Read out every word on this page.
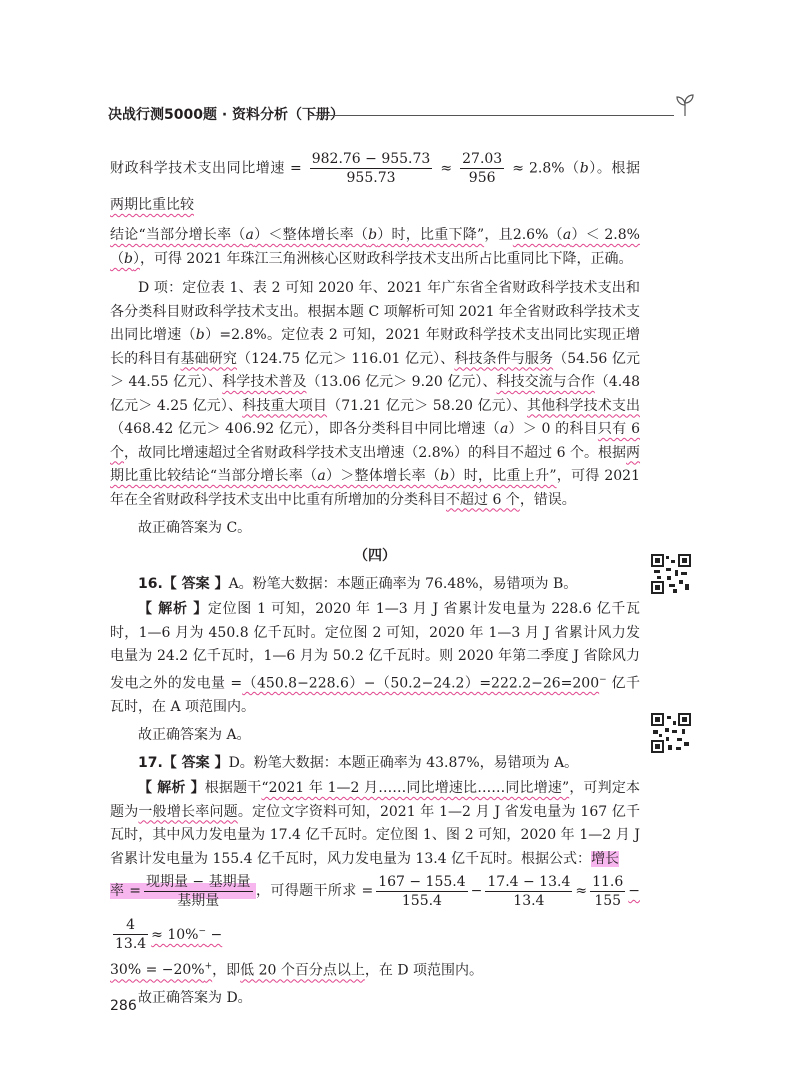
决战行测5000题 · 资料分析（下册）

财政科学技术支出同比增速 = $\frac{982.76 - 955.73}{955.73} \approx \frac{27.03}{956} \approx 2.8\%(b)$。根据两期比重比较

结论“当部分增长率（a）＜整体增长率（b）时，比重下降”，且2.6%（a）＜ 2.8%（b），可得 2021 年珠江三角洲核心区财政科学技术支出所占比重同比下降，正确。

D 项：定位表 1、表 2 可知 2020 年、2021 年广东省全省财政科学技术支出和各分类科目财政科学技术支出。根据本题 C 项解析可知 2021 年全省财政科学技术支出同比增速（b）=2.8%。定位表 2 可知，2021 年财政科学技术支出同比实现正增长的科目有基础研究（124.75 亿元＞ 116.01 亿元）、科技条件与服务（54.56 亿元＞ 44.55 亿元）、科学技术普及（13.06 亿元＞ 9.20 亿元）、科技交流与合作（4.48 亿元＞ 4.25 亿元）、科技重大项目（71.21 亿元＞ 58.20 亿元）、其他科学技术支出（468.42 亿元＞ 406.92 亿元），即各分类科目中同比增速（a）＞ 0 的科目只有 6 个，故同比增速超过全省财政科学技术支出增速（2.8%）的科目不超过 6 个。根据两期比重比较结论“当部分增长率（a）＞整体增长率（b）时，比重上升”，可得 2021 年在全省财政科学技术支出中比重有所增加的分类科目不超过 6 个，错误。

故正确答案为 C。

（四）

16.【 答案 】A。粉笔大数据：本题正确率为 76.48%，易错项为 B。

【 解析 】定位图 1 可知，2020 年 1—3 月 J 省累计发电量为 228.6 亿千瓦时，1—6 月为 450.8 亿千瓦时。定位图 2 可知，2020 年 1—3 月 J 省累计风力发电量为 24.2 亿千瓦时，1—6 月为 50.2 亿千瓦时。则 2020 年第二季度 J 省除风力发电之外的发电量 =（450.8−228.6）−（50.2−24.2）=222.2−26=200− 亿千瓦时，在 A 项范围内。

故正确答案为 A。

17.【 答案 】D。粉笔大数据：本题正确率为 43.87%，易错项为 A。

【 解析 】根据题干“2021 年 1—2 月……同比增速比……同比增速”，可判定本题为一般增长率问题。定位文字资料可知，2021 年 1—2 月 J 省发电量为 167 亿千瓦时，其中风力发电量为 17.4 亿千瓦时。定位图 1、图 2 可知，2020 年 1—2 月 J 省累计发电量为 155.4 亿千瓦时，风力发电量为 13.4 亿千瓦时。根据公式：增长

率 = $\frac{\text{现期量 − 基期量}}{\text{基期量}}$ ，可得题干所求 = $\frac{167 - 155.4}{155.4} - \frac{17.4 - 13.4}{13.4} \approx \frac{11.6}{155}$ −
$\frac{4}{13.4} \approx 10\%^-$ −

30% = −20%+，即低 20 个百分点以上，在 D 项范围内。

故正确答案为 D。

286
